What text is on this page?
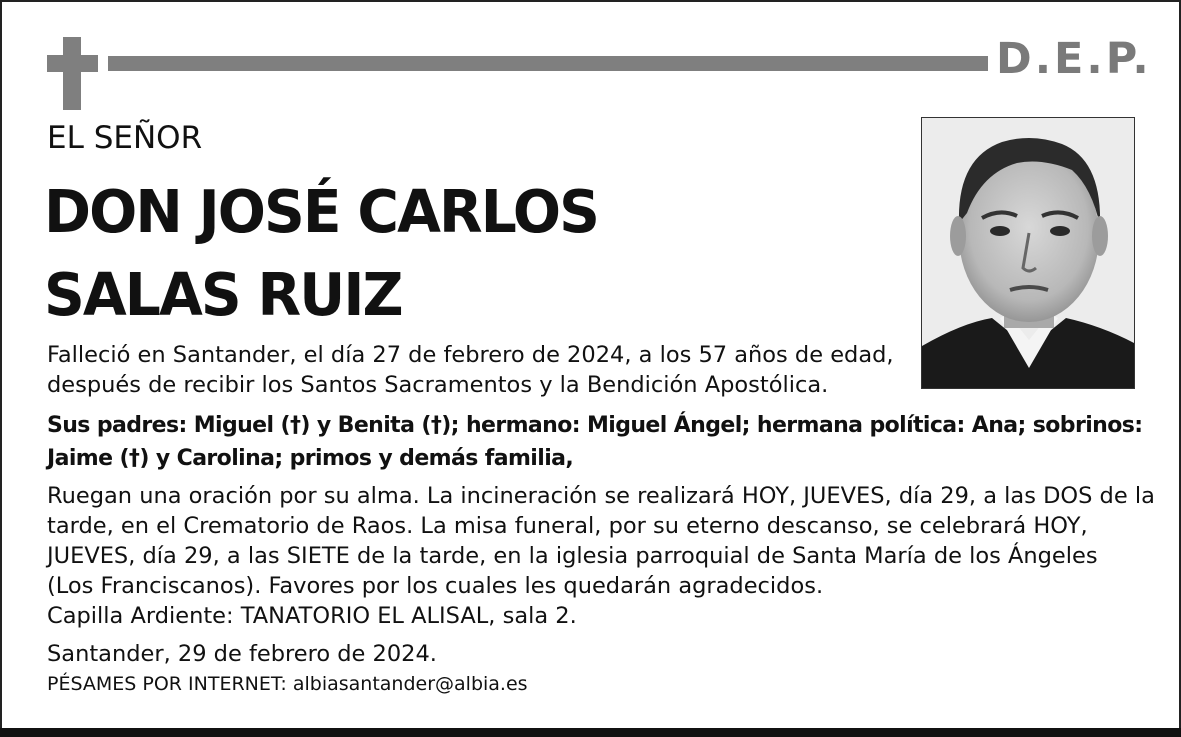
D.E.P.
EL SEÑOR
DON JOSÉ CARLOS
SALAS RUIZ
Falleció en Santander, el día 27 de febrero de 2024, a los 57 años de edad,
después de recibir los Santos Sacramentos y la Bendición Apostólica.
Sus padres: Miguel (†) y Benita (†); hermano: Miguel Ángel; hermana política: Ana; sobrinos:
Jaime (†) y Carolina; primos y demás familia,
Ruegan una oración por su alma. La incineración se realizará HOY, JUEVES, día 29, a las DOS de la
tarde, en el Crematorio de Raos. La misa funeral, por su eterno descanso, se celebrará HOY,
JUEVES, día 29, a las SIETE de la tarde, en la iglesia parroquial de Santa María de los Ángeles
(Los Franciscanos). Favores por los cuales les quedarán agradecidos.
Capilla Ardiente: TANATORIO EL ALISAL, sala 2.
Santander, 29 de febrero de 2024.
PÉSAMES POR INTERNET: albiasantander@albia.es
